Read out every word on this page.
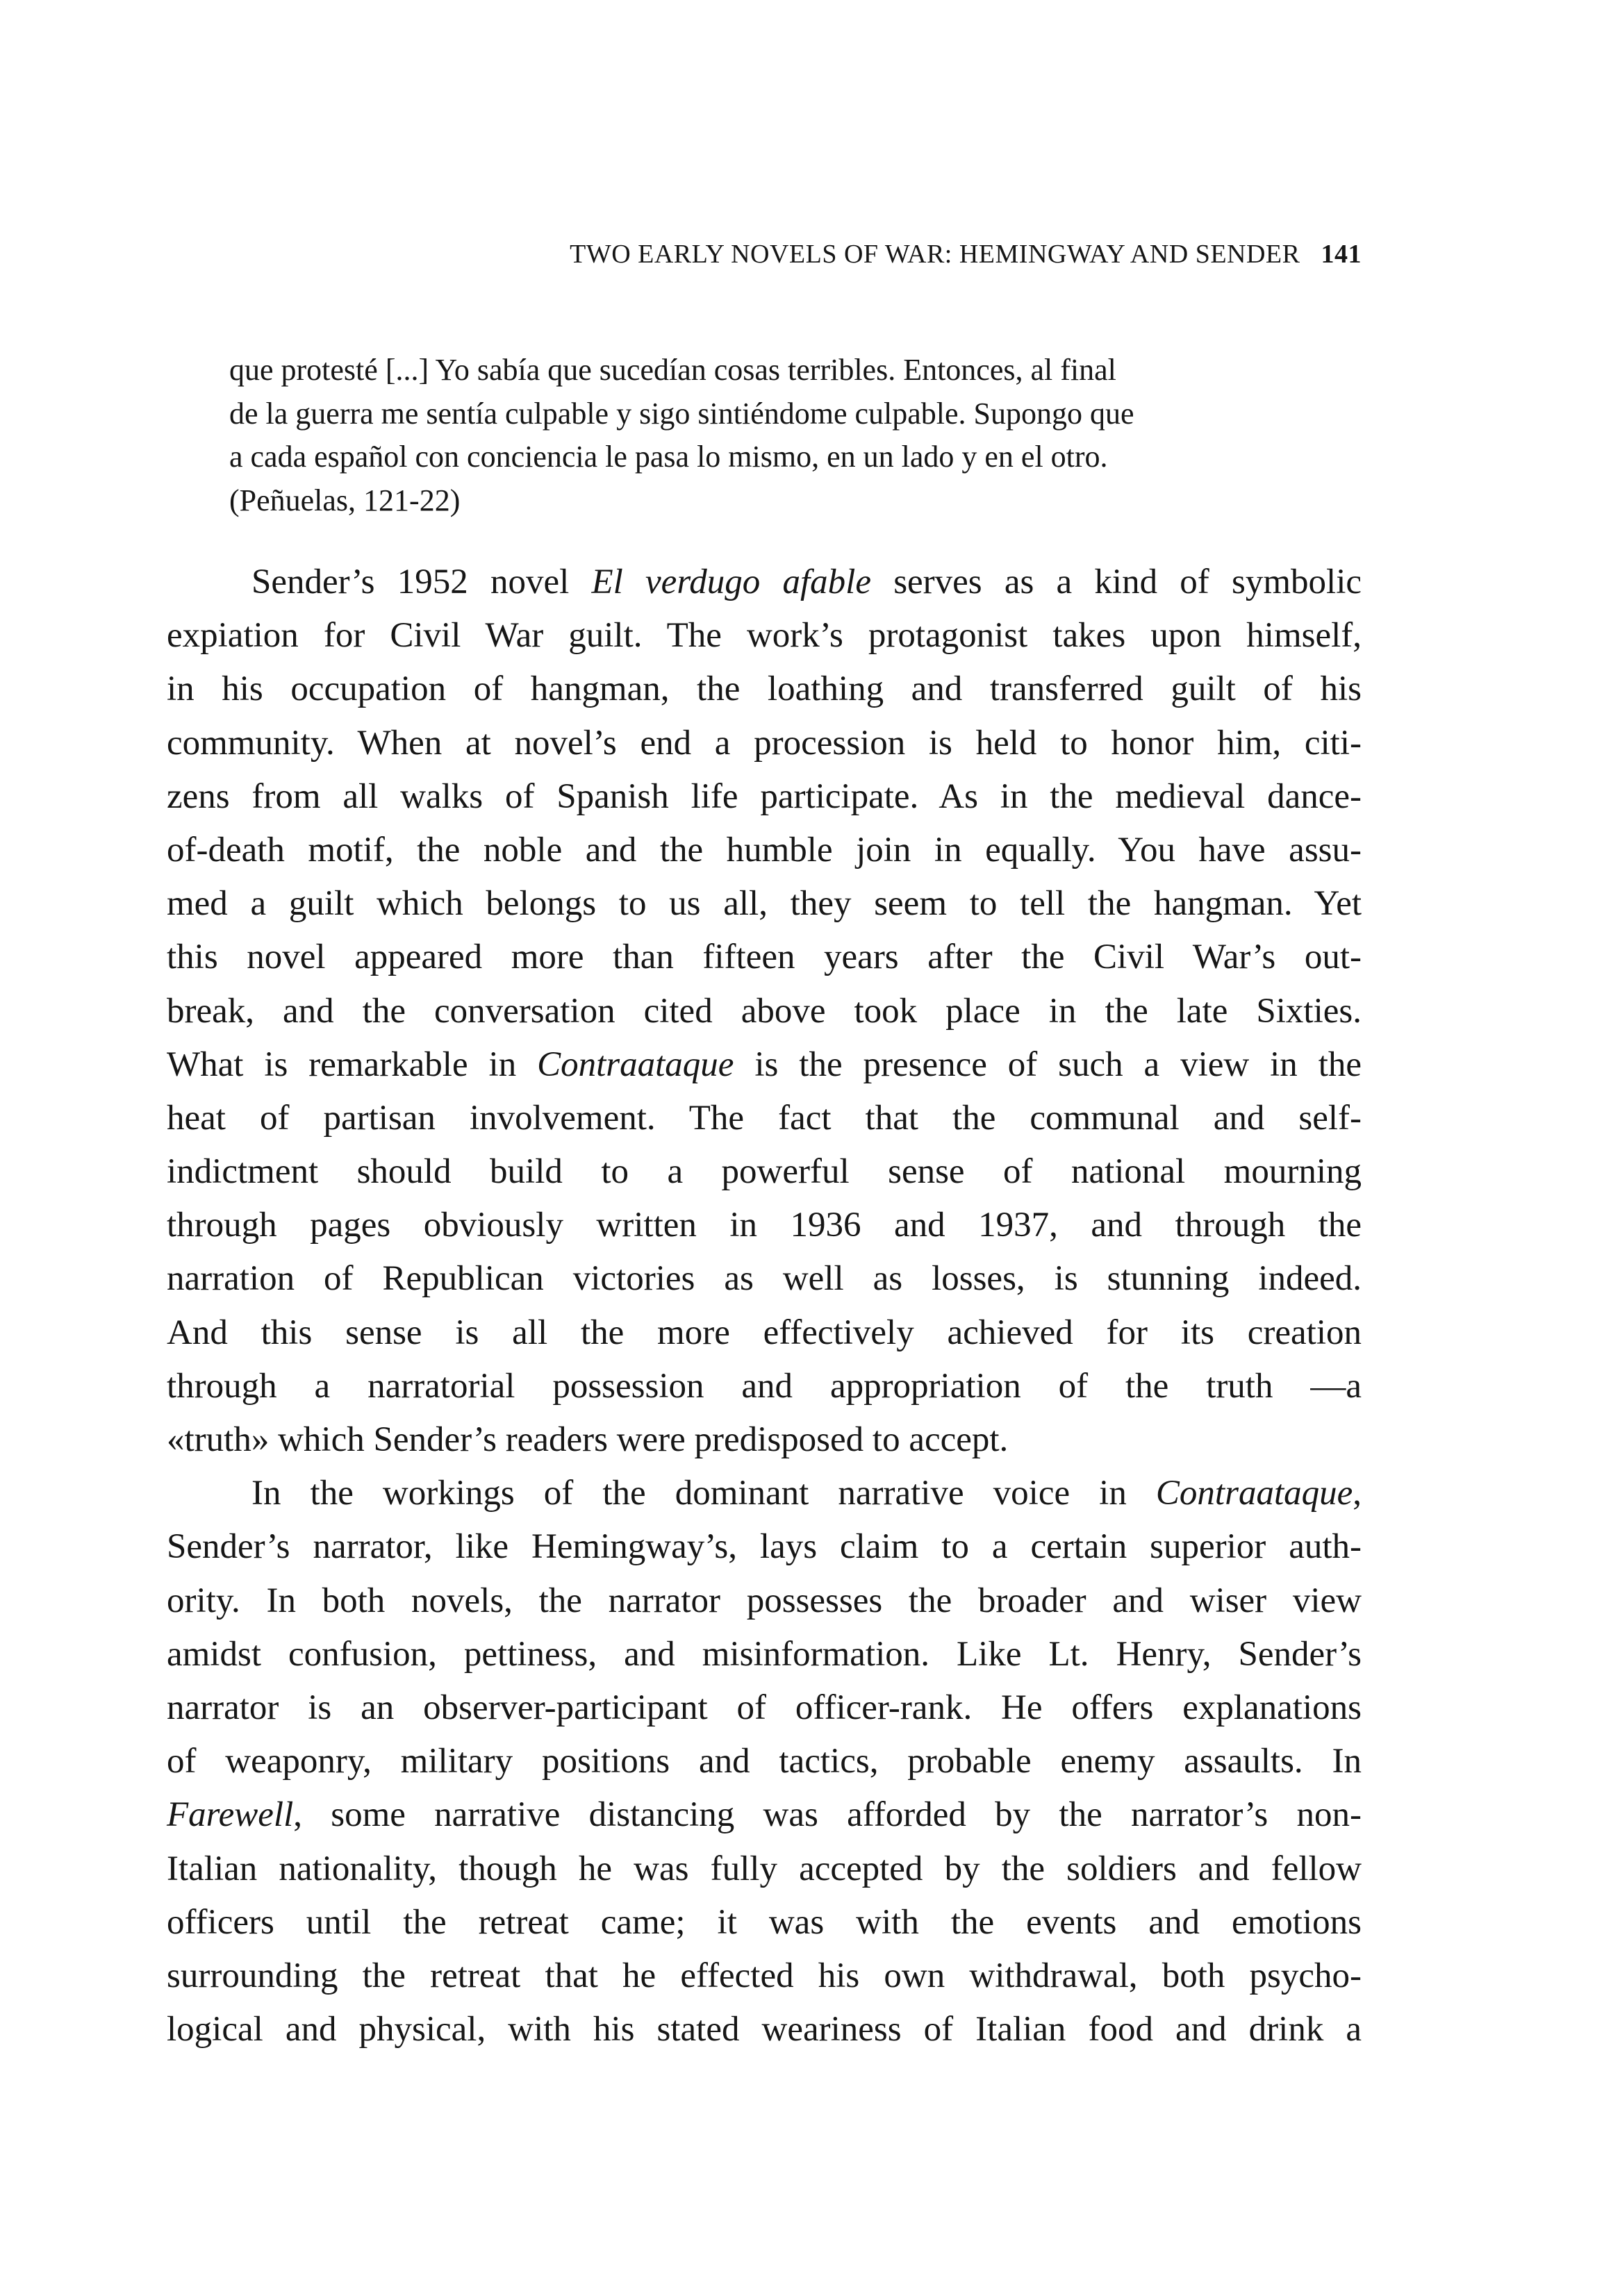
TWO EARLY NOVELS OF WAR: HEMINGWAY AND SENDER 141
que protesté [...] Yo sabía que sucedían cosas terribles. Entonces, al final
de la guerra me sentía culpable y sigo sintiéndome culpable. Supongo que
a cada español con conciencia le pasa lo mismo, en un lado y en el otro.
(Peñuelas, 121-22)
Sender’s 1952 novel El verdugo afable serves as a kind of symbolic
expiation for Civil War guilt. The work’s protagonist takes upon himself,
in his occupation of hangman, the loathing and transferred guilt of his
community. When at novel’s end a procession is held to honor him, citi-
zens from all walks of Spanish life participate. As in the medieval dance-
of-death motif, the noble and the humble join in equally. You have assu-
med a guilt which belongs to us all, they seem to tell the hangman. Yet
this novel appeared more than fifteen years after the Civil War’s out-
break, and the conversation cited above took place in the late Sixties.
What is remarkable in Contraataque is the presence of such a view in the
heat of partisan involvement. The fact that the communal and self-
indictment should build to a powerful sense of national mourning
through pages obviously written in 1936 and 1937, and through the
narration of Republican victories as well as losses, is stunning indeed.
And this sense is all the more effectively achieved for its creation
through a narratorial possession and appropriation of the truth —a
«truth» which Sender’s readers were predisposed to accept.
In the workings of the dominant narrative voice in Contraataque,
Sender’s narrator, like Hemingway’s, lays claim to a certain superior auth-
ority. In both novels, the narrator possesses the broader and wiser view
amidst confusion, pettiness, and misinformation. Like Lt. Henry, Sender’s
narrator is an observer-participant of officer-rank. He offers explanations
of weaponry, military positions and tactics, probable enemy assaults. In
Farewell, some narrative distancing was afforded by the narrator’s non-
Italian nationality, though he was fully accepted by the soldiers and fellow
officers until the retreat came; it was with the events and emotions
surrounding the retreat that he effected his own withdrawal, both psycho-
logical and physical, with his stated weariness of Italian food and drink a
